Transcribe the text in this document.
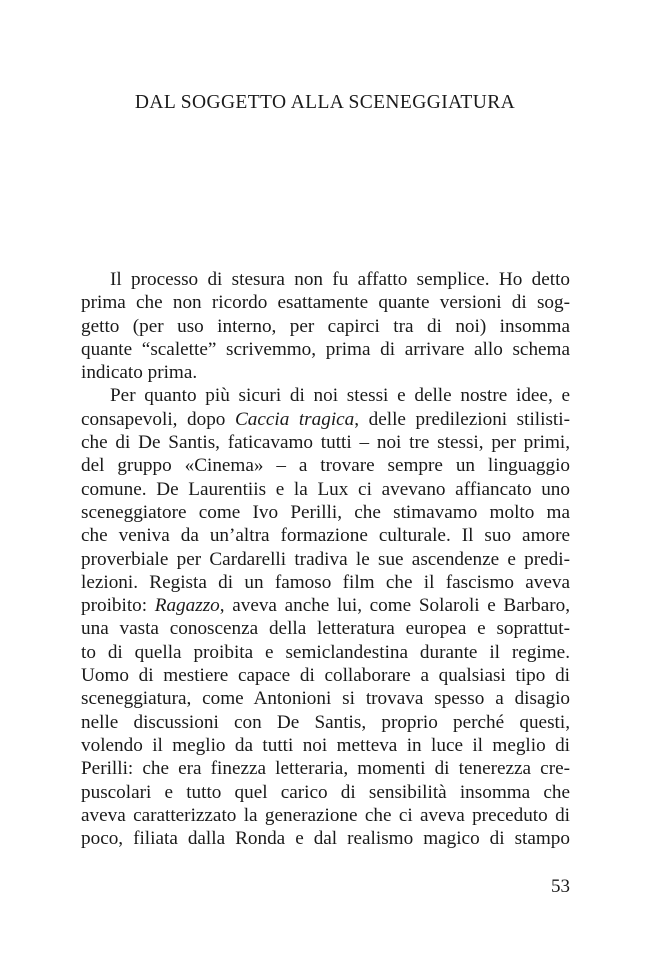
DAL SOGGETTO ALLA SCENEGGIATURA
Il processo di stesura non fu affatto semplice. Ho detto
prima che non ricordo esattamente quante versioni di sog-
getto (per uso interno, per capirci tra di noi) insomma
quante “scalette” scrivemmo, prima di arrivare allo schema
indicato prima.
Per quanto più sicuri di noi stessi e delle nostre idee, e
consapevoli, dopo Caccia tragica, delle predilezioni stilisti-
che di De Santis, faticavamo tutti – noi tre stessi, per primi,
del gruppo «Cinema» – a trovare sempre un linguaggio
comune. De Laurentiis e la Lux ci avevano affiancato uno
sceneggiatore come Ivo Perilli, che stimavamo molto ma
che veniva da un’altra formazione culturale. Il suo amore
proverbiale per Cardarelli tradiva le sue ascendenze e predi-
lezioni. Regista di un famoso film che il fascismo aveva
proibito: Ragazzo, aveva anche lui, come Solaroli e Barbaro,
una vasta conoscenza della letteratura europea e soprattut-
to di quella proibita e semiclandestina durante il regime.
Uomo di mestiere capace di collaborare a qualsiasi tipo di
sceneggiatura, come Antonioni si trovava spesso a disagio
nelle discussioni con De Santis, proprio perché questi,
volendo il meglio da tutti noi metteva in luce il meglio di
Perilli: che era finezza letteraria, momenti di tenerezza cre-
puscolari e tutto quel carico di sensibilità insomma che
aveva caratterizzato la generazione che ci aveva preceduto di
poco, filiata dalla Ronda e dal realismo magico di stampo
53
